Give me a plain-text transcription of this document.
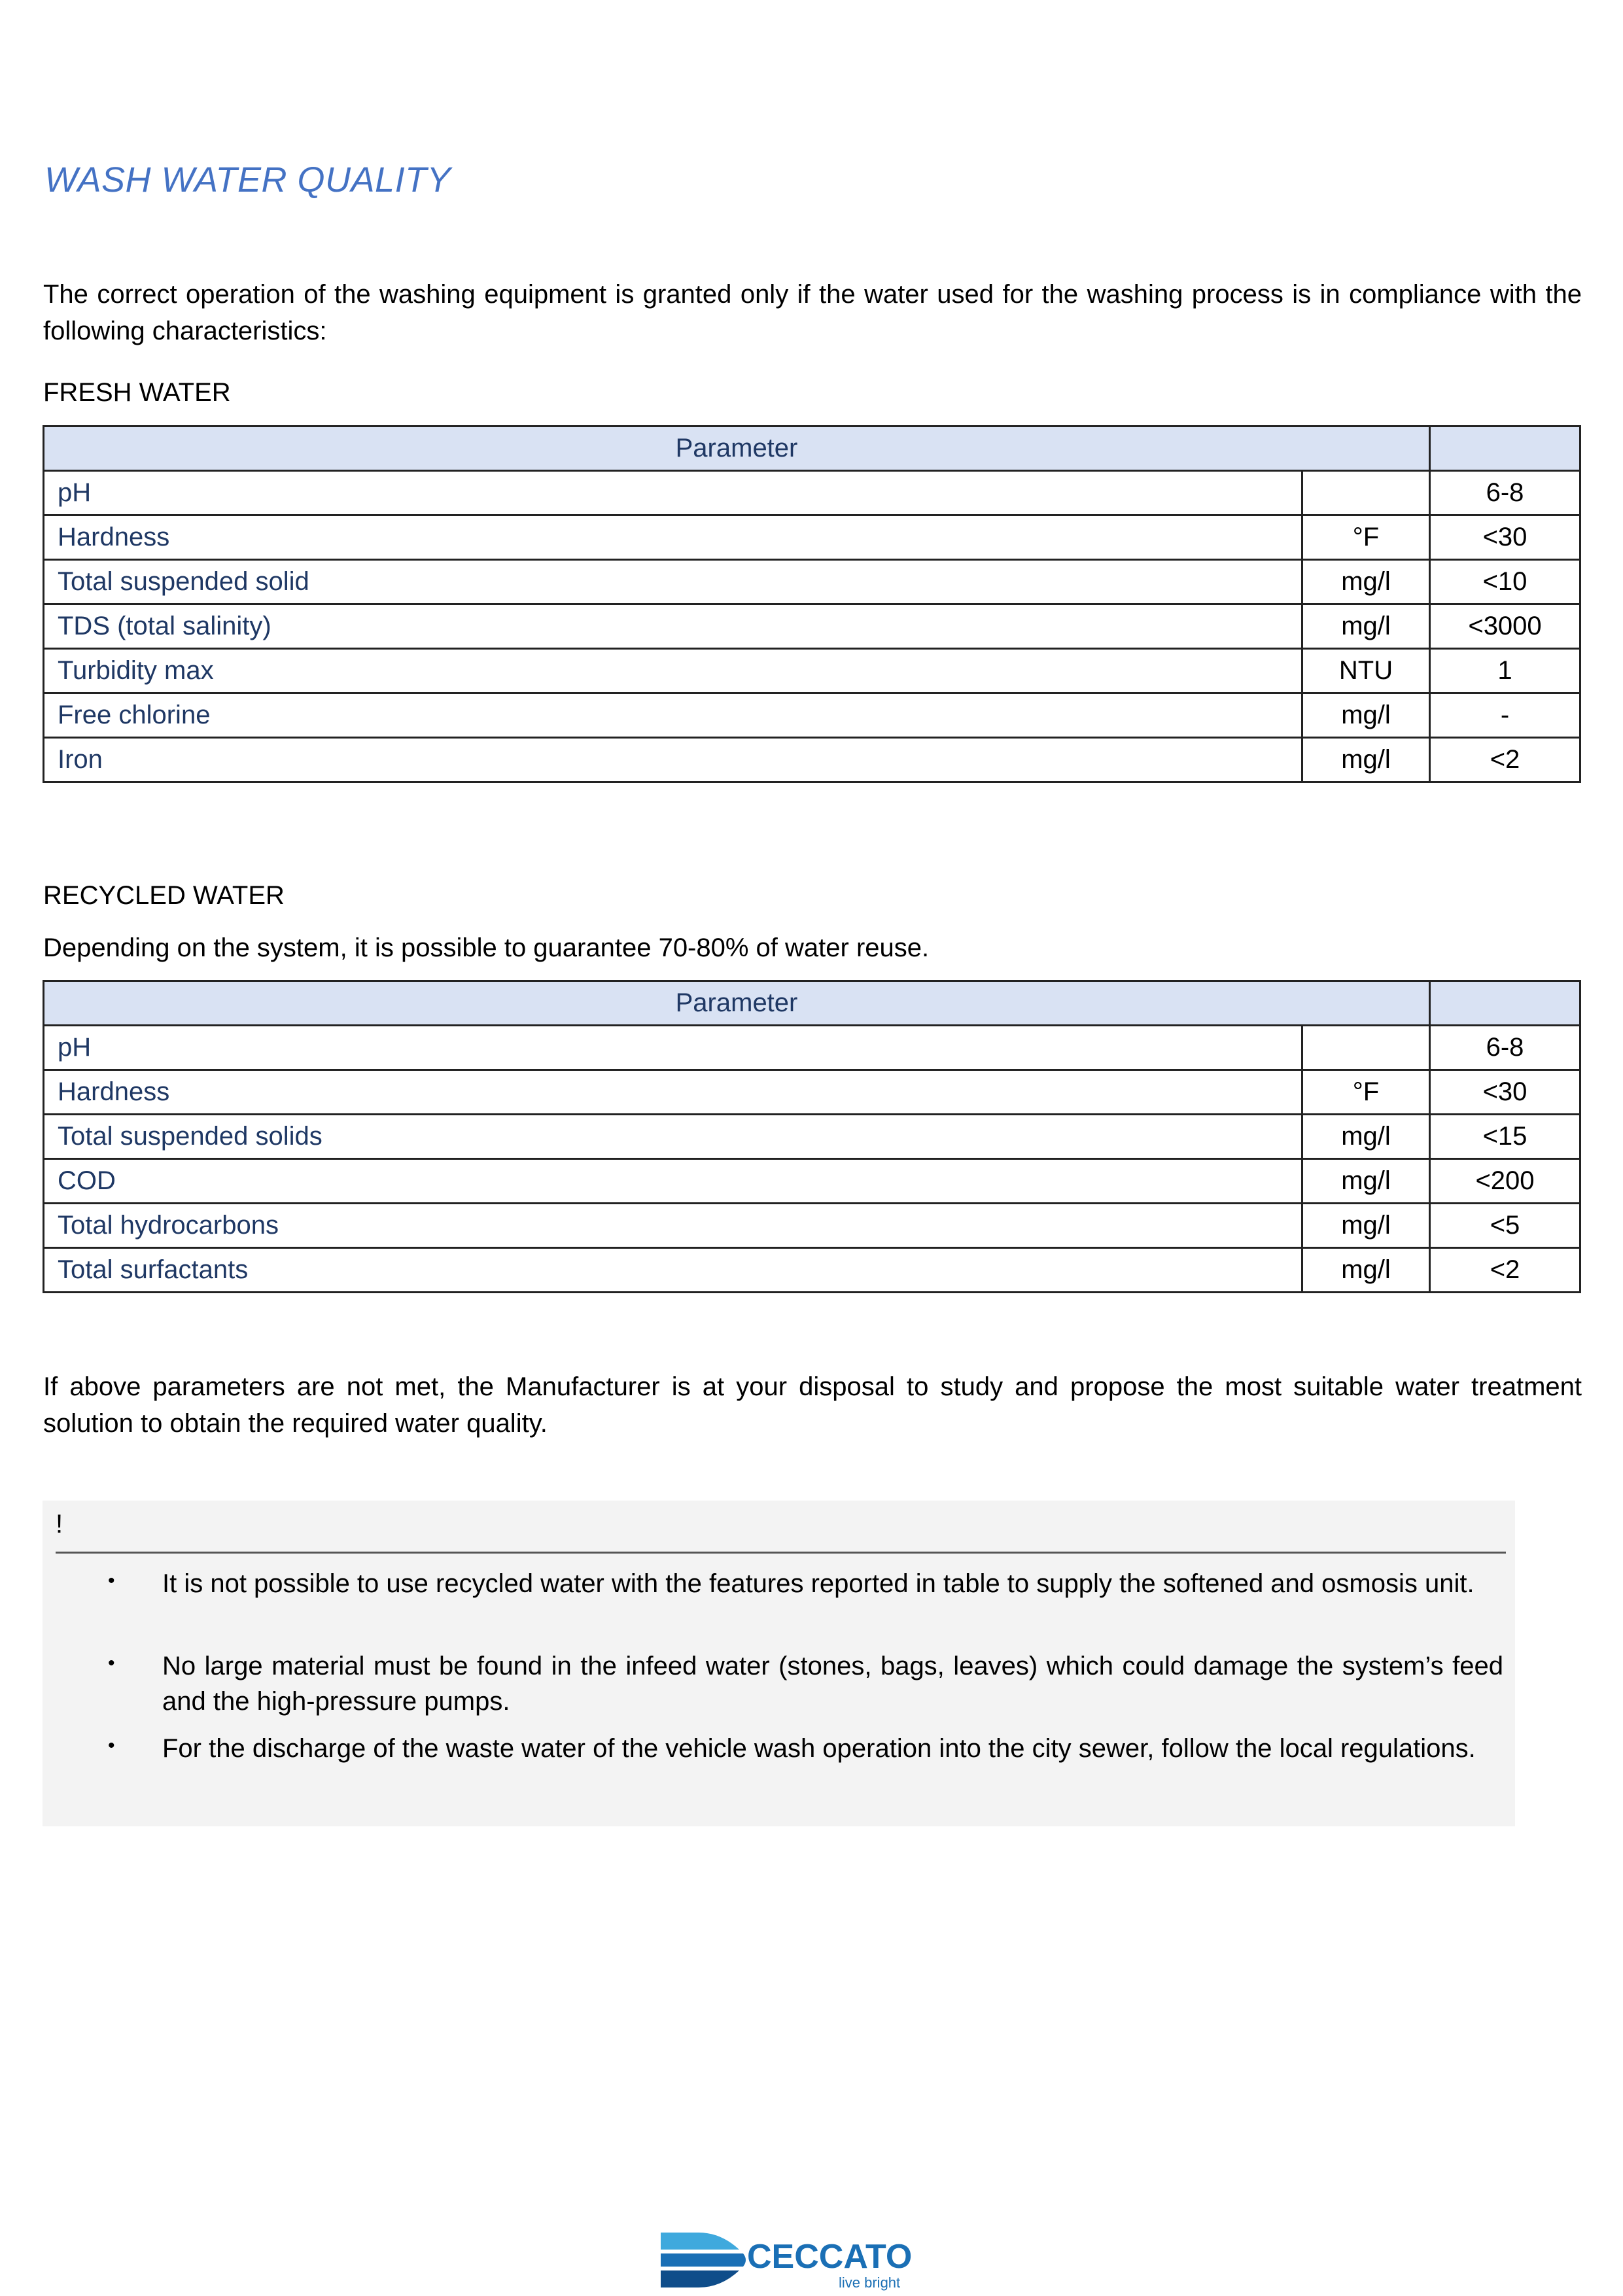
WASH WATER QUALITY
The correct operation of the washing equipment is granted only if the water used for the washing process is in compliance with the following characteristics:
FRESH WATER
Parameter		
pH		6-8
Hardness	°F	<30
Total suspended solid	mg/l	<10
TDS (total salinity)	mg/l	<3000
Turbidity max	NTU	1
Free chlorine	mg/l	-
Iron	mg/l	<2
RECYCLED WATER
Depending on the system, it is possible to guarantee 70-80% of water reuse.
Parameter		
pH		6-8
Hardness	°F	<30
Total suspended solids	mg/l	<15
COD	mg/l	<200
Total hydrocarbons	mg/l	<5
Total surfactants	mg/l	<2
If above parameters are not met, the Manufacturer is at your disposal to study and propose the most suitable water treatment solution to obtain the required water quality.
!
• It is not possible to use recycled water with the features reported in table to supply the softened and osmosis unit.
• No large material must be found in the infeed water (stones, bags, leaves) which could damage the system’s feed and the high-pressure pumps.
• For the discharge of the waste water of the vehicle wash operation into the city sewer, follow the local regulations.
CECCATO
live bright
